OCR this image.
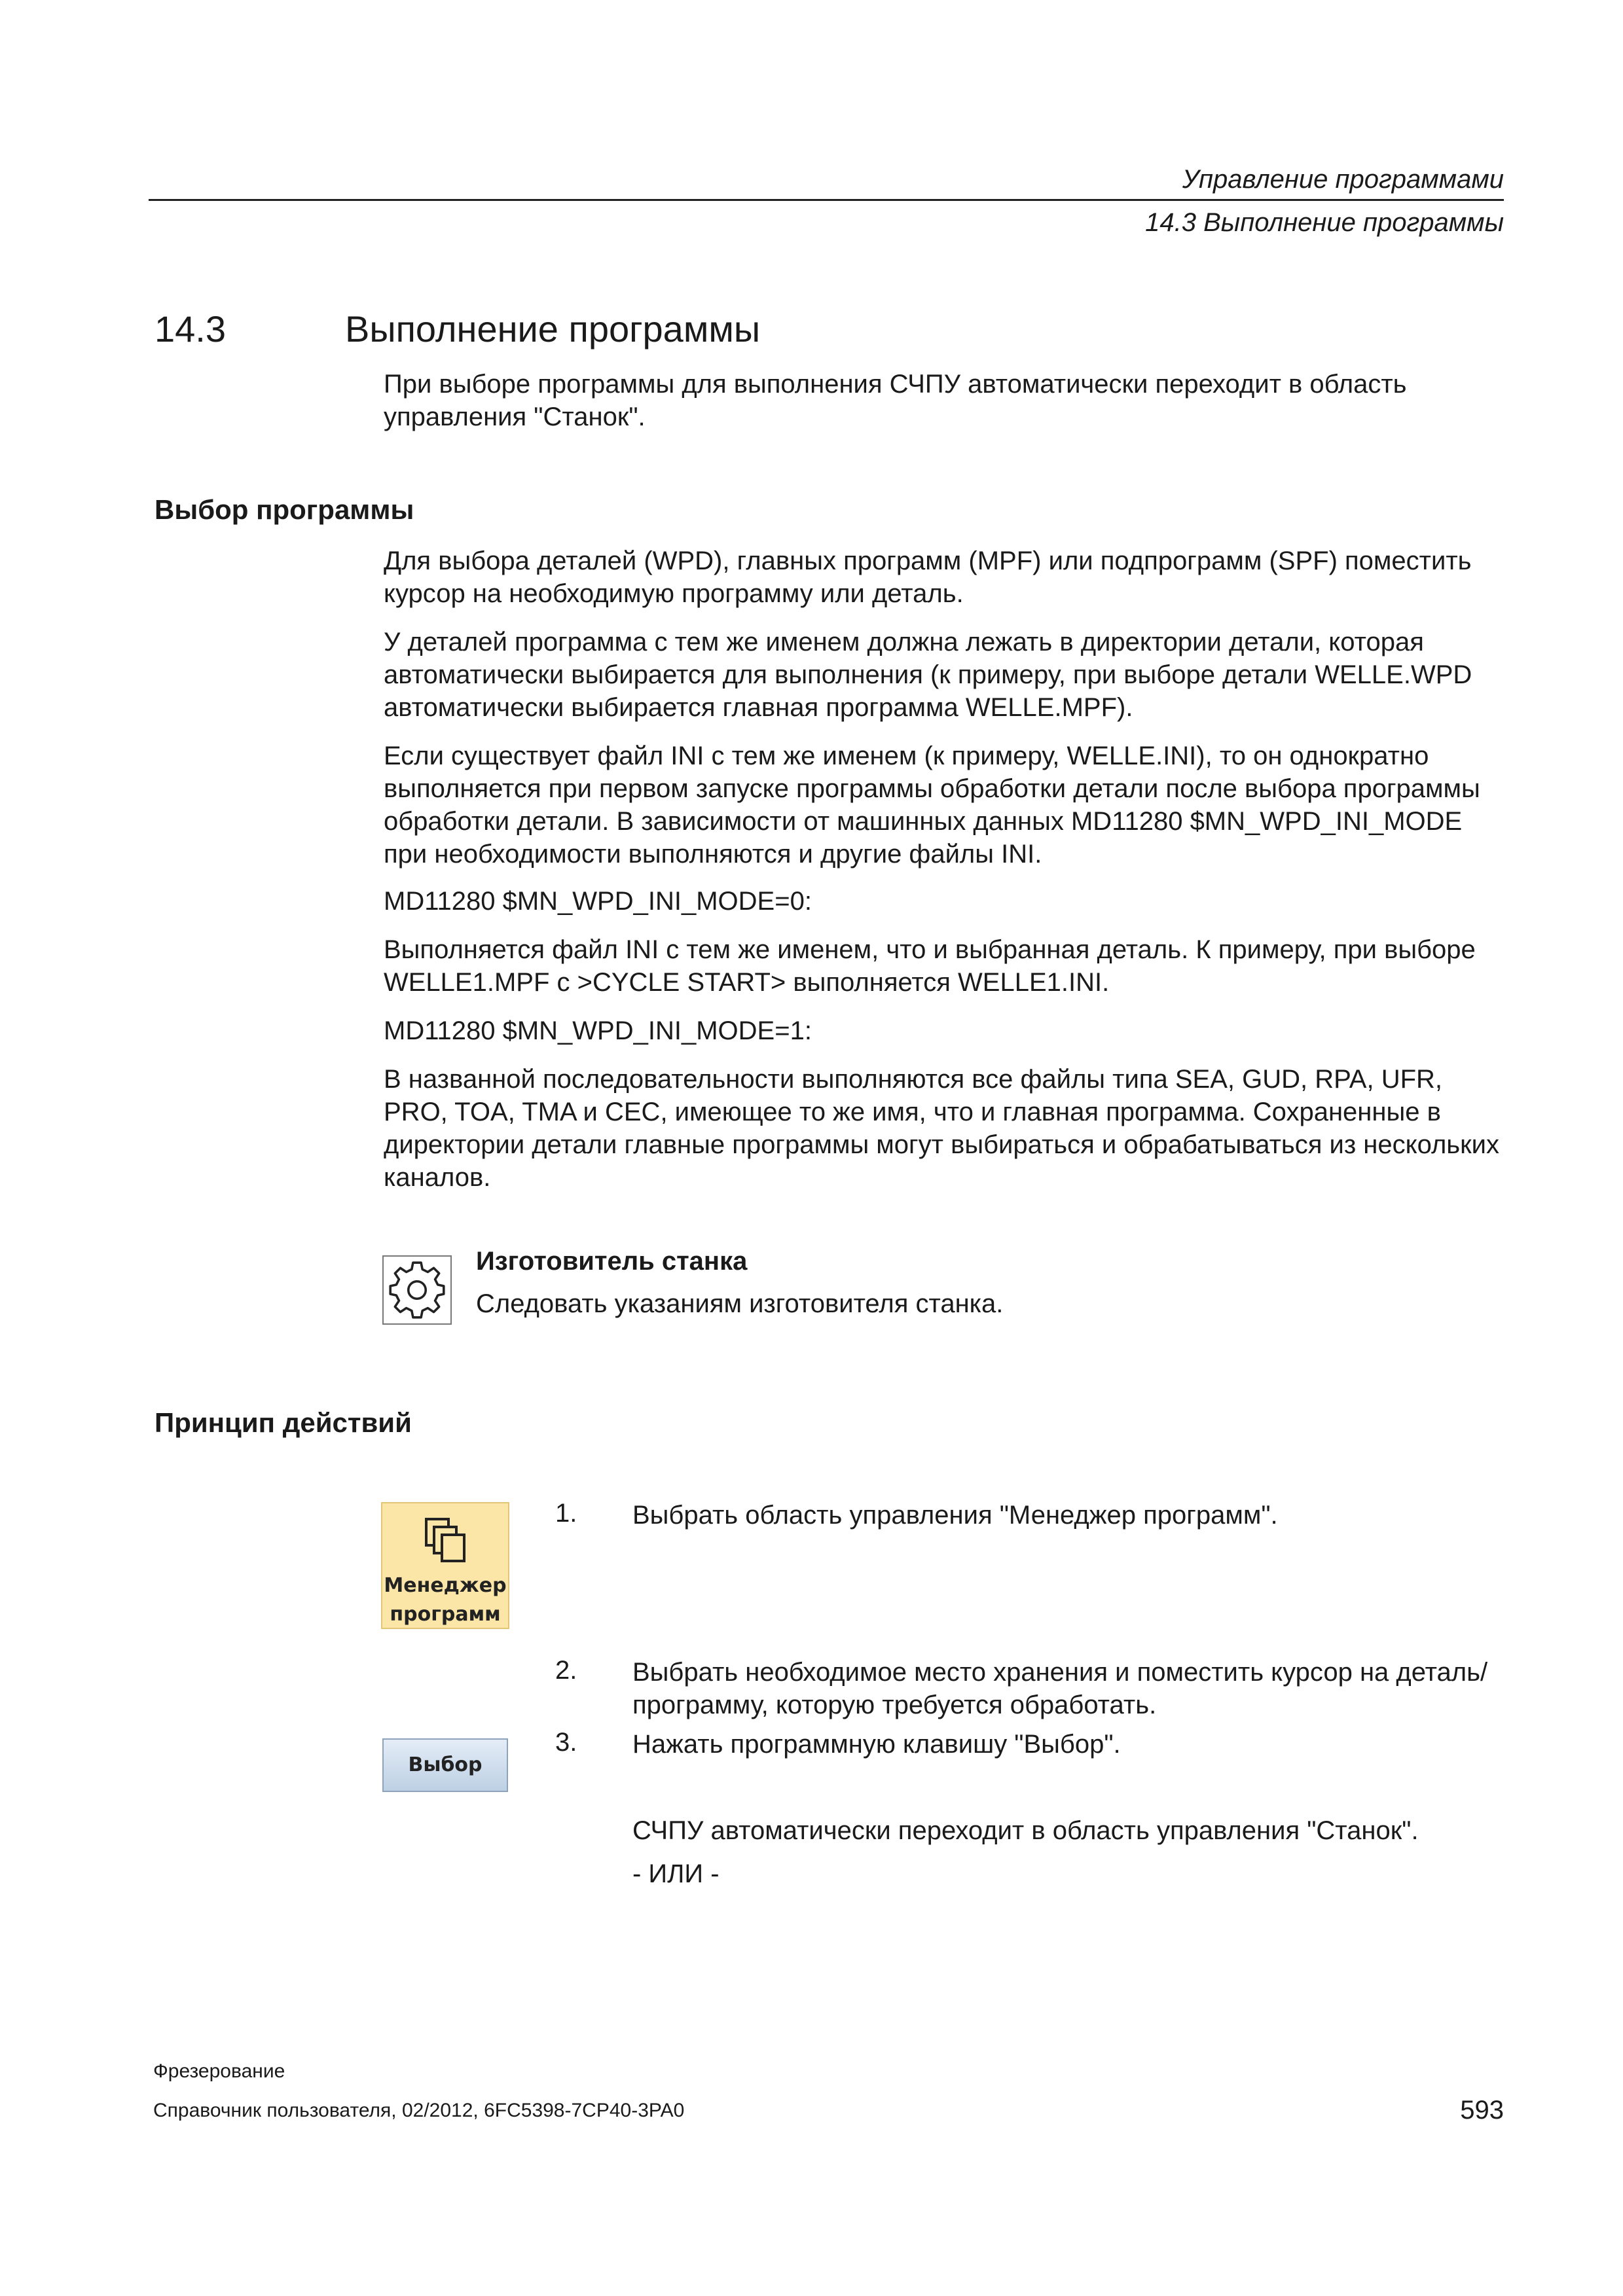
Управление программами
14.3 Выполнение программы
14.3	Выполнение программы
При выборе программы для выполнения СЧПУ автоматически переходит в область управления "Станок".
Выбор программы
Для выбора деталей (WPD), главных программ (MPF) или подпрограмм (SPF) поместить курсор на необходимую программу или деталь.
У деталей программа с тем же именем должна лежать в директории детали, которая автоматически выбирается для выполнения (к примеру, при выборе детали WELLE.WPD автоматически выбирается главная программа WELLE.MPF).
Если существует файл INI с тем же именем (к примеру, WELLE.INI), то он однократно выполняется при первом запуске программы обработки детали после выбора программы обработки детали. В зависимости от машинных данных MD11280 $MN_WPD_INI_MODE при необходимости выполняются и другие файлы INI.
MD11280 $MN_WPD_INI_MODE=0:
Выполняется файл INI с тем же именем, что и выбранная деталь. К примеру, при выборе WELLE1.MPF с >CYCLE START> выполняется WELLE1.INI.
MD11280 $MN_WPD_INI_MODE=1:
В названной последовательности выполняются все файлы типа SEA, GUD, RPA, UFR, PRO, TOA, TMA и CEC, имеющее то же имя, что и главная программа. Сохраненные в директории детали главные программы могут выбираться и обрабатываться из нескольких каналов.
Изготовитель станка
Следовать указаниям изготовителя станка.
Принцип действий
Менеджер
программ
1. Выбрать область управления "Менеджер программ".
2. Выбрать необходимое место хранения и поместить курсор на деталь/программу, которую требуется обработать.
Выбор
3. Нажать программную клавишу "Выбор".
СЧПУ автоматически переходит в область управления "Станок".
- ИЛИ -
Фрезерование
Справочник пользователя, 02/2012, 6FC5398-7CP40-3PA0	593
